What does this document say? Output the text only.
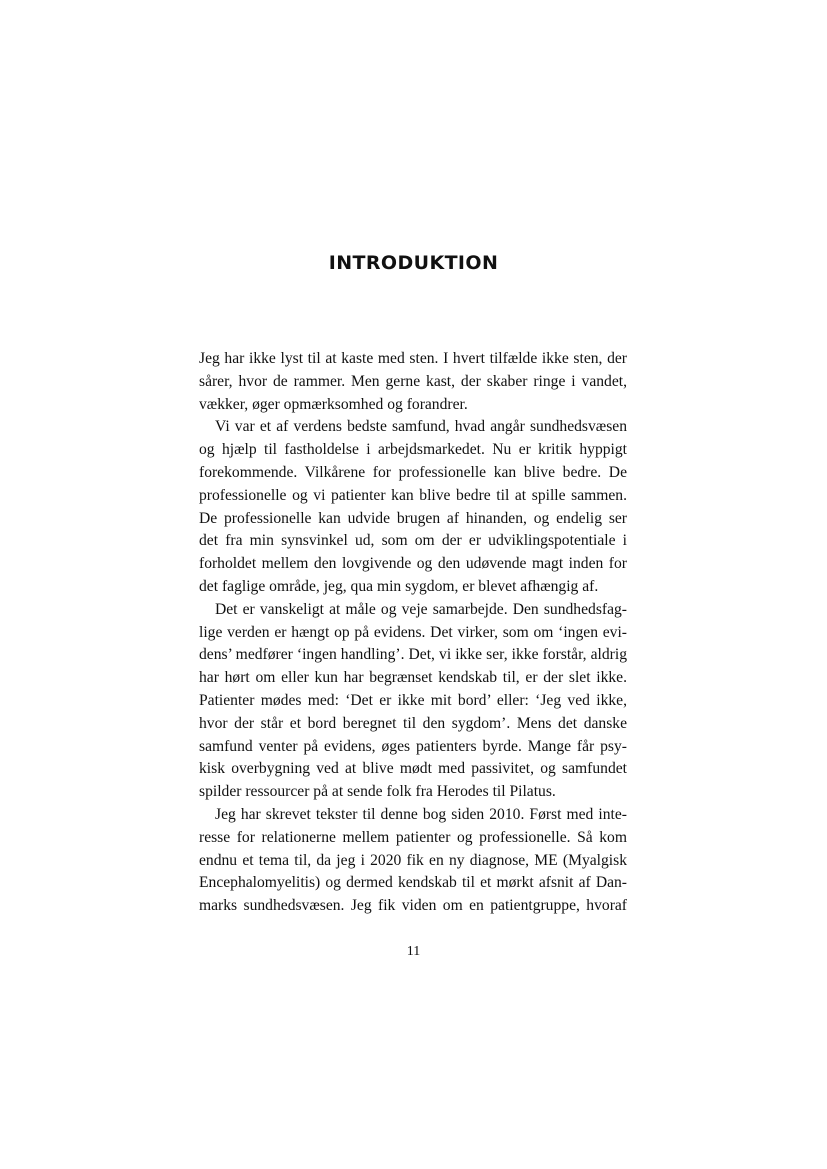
INTRODUKTION
Jeg har ikke lyst til at kaste med sten. I hvert tilfælde ikke sten, der
sårer, hvor de rammer. Men gerne kast, der skaber ringe i vandet,
vækker, øger opmærksomhed og forandrer.
Vi var et af verdens bedste samfund, hvad angår sundhedsvæsen
og hjælp til fastholdelse i arbejdsmarkedet. Nu er kritik hyppigt
forekommende. Vilkårene for professionelle kan blive bedre. De
professionelle og vi patienter kan blive bedre til at spille sammen.
De professionelle kan udvide brugen af hinanden, og endelig ser
det fra min synsvinkel ud, som om der er udviklingspotentiale i
forholdet mellem den lovgivende og den udøvende magt inden for
det faglige område, jeg, qua min sygdom, er blevet afhængig af.
Det er vanskeligt at måle og veje samarbejde. Den sundhedsfag-
lige verden er hængt op på evidens. Det virker, som om ‘ingen evi-
dens’ medfører ‘ingen handling’. Det, vi ikke ser, ikke forstår, aldrig
har hørt om eller kun har begrænset kendskab til, er der slet ikke.
Patienter mødes med: ‘Det er ikke mit bord’ eller: ‘Jeg ved ikke,
hvor der står et bord beregnet til den sygdom’. Mens det danske
samfund venter på evidens, øges patienters byrde. Mange får psy-
kisk overbygning ved at blive mødt med passivitet, og samfundet
spilder ressourcer på at sende folk fra Herodes til Pilatus.
Jeg har skrevet tekster til denne bog siden 2010. Først med inte-
resse for relationerne mellem patienter og professionelle. Så kom
endnu et tema til, da jeg i 2020 fik en ny diagnose, ME (Myalgisk
Encephalomyelitis) og dermed kendskab til et mørkt afsnit af Dan-
marks sundhedsvæsen. Jeg fik viden om en patientgruppe, hvoraf
11
